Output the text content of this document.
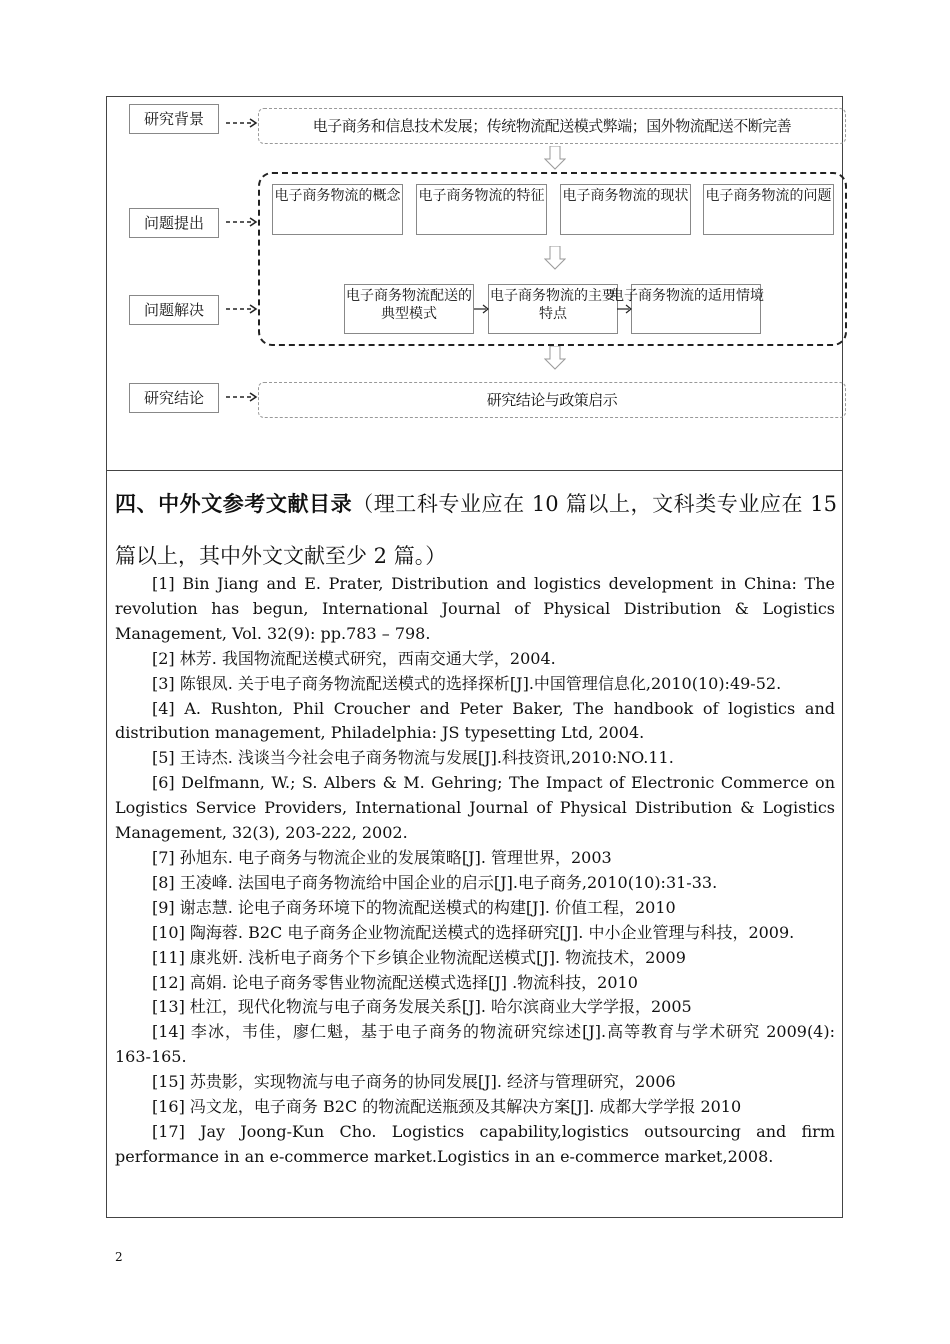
研究背景
问题提出
问题解决
研究结论
电子商务和信息技术发展；传统物流配送模式弊端；国外物流配送不断完善
电子商务物流的概念 电子商务物流的特征 电子商务物流的现状 电子商务物流的问题
电子商务物流配送的典型模式
电子商务物流的主要特点
电子商务物流的适用情境
研究结论与政策启示
四、中外文参考文献目录（理工科专业应在 10 篇以上，文科类专业应在 15 篇以上，其中外文文献至少 2 篇。）

[1] Bin Jiang and E. Prater, Distribution and logistics development in China: The revolution has begun, International Journal of Physical Distribution & Logistics Management, Vol. 32(9): pp.783 – 798.

[2] 林芳. 我国物流配送模式研究，西南交通大学，2004.

[3] 陈银凤. 关于电子商务物流配送模式的选择探析[J].中国管理信息化,2010(10):49-52.

[4] A. Rushton, Phil Croucher and Peter Baker, The handbook of logistics and distribution management, Philadelphia: JS typesetting Ltd, 2004.

[5] 王诗杰. 浅谈当今社会电子商务物流与发展[J].科技资讯,2010:NO.11.

[6] Delfmann, W.; S. Albers & M. Gehring; The Impact of Electronic Commerce on Logistics Service Providers, International Journal of Physical Distribution & Logistics Management, 32(3), 203-222, 2002.

[7] 孙旭东. 电子商务与物流企业的发展策略[J]. 管理世界，2003

[8] 王凌峰. 法国电子商务物流给中国企业的启示[J].电子商务,2010(10):31-33.

[9] 谢志慧. 论电子商务环境下的物流配送模式的构建[J]. 价值工程，2010

[10] 陶海蓉. B2C 电子商务企业物流配送模式的选择研究[J]. 中小企业管理与科技，2009.

[11] 康兆妍. 浅析电子商务个下乡镇企业物流配送模式[J]. 物流技术，2009

[12] 高娟. 论电子商务零售业物流配送模式选择[J] .物流科技，2010

[13] 杜江，现代化物流与电子商务发展关系[J]. 哈尔滨商业大学学报，2005

[14] 李冰，韦佳，廖仁魁，基于电子商务的物流研究综述[J].高等教育与学术研究 2009(4): 163-165.

[15] 苏贵影，实现物流与电子商务的协同发展[J]. 经济与管理研究，2006

[16] 冯文龙，电子商务 B2C 的物流配送瓶颈及其解决方案[J]. 成都大学学报 2010

[17] Jay Joong-Kun Cho. Logistics capability,logistics outsourcing and firm performance in an e-commerce market.Logistics in an e-commerce market,2008.

2
